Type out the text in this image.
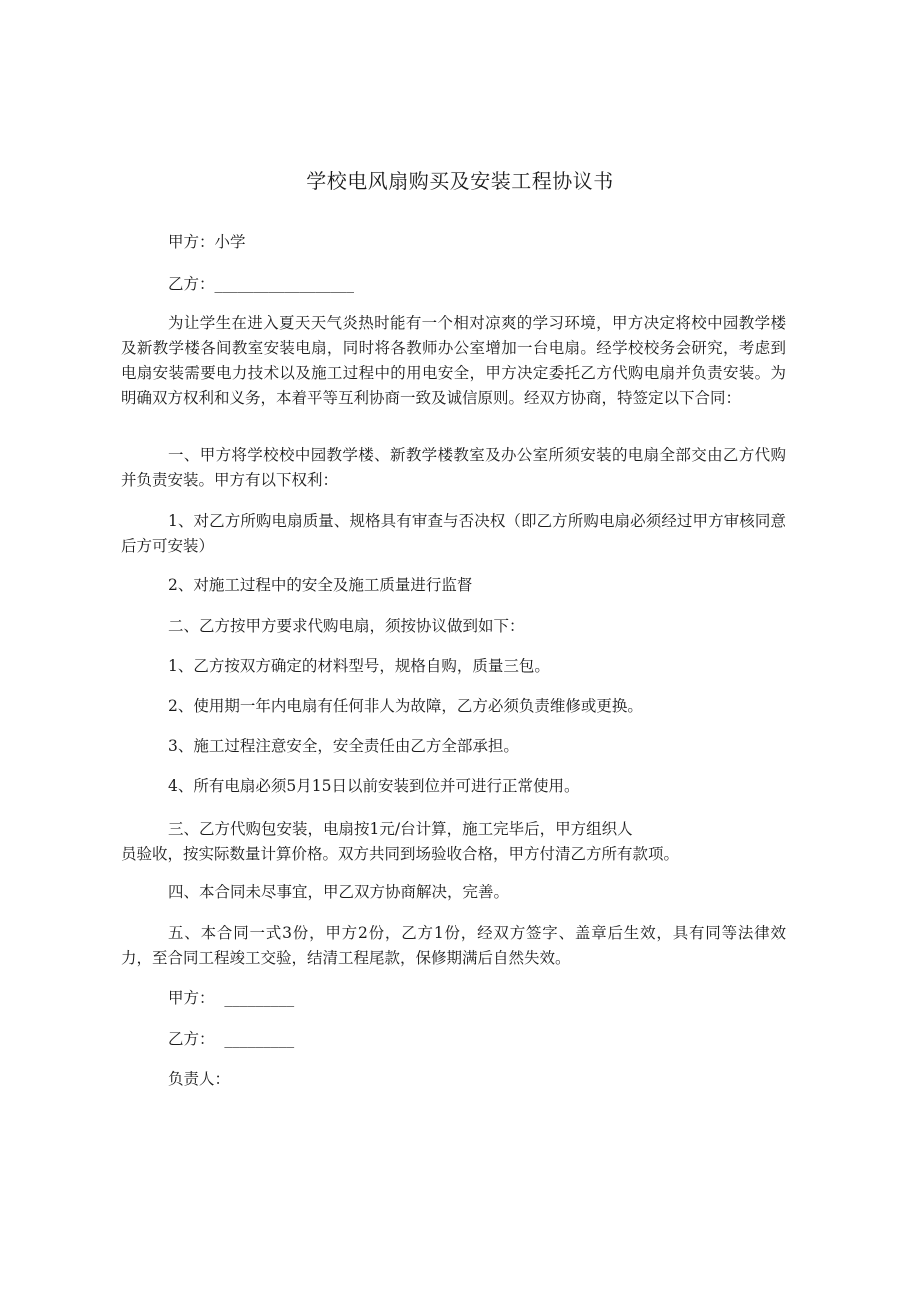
学校电风扇购买及安装工程协议书
甲方：小学
乙方：__________________

为让学生在进入夏天天气炎热时能有一个相对凉爽的学习环境，甲方决定将校中园教学楼及新教学楼各间教室安装电扇，同时将各教师办公室增加一台电扇。经学校校务会研究，考虑到电扇安装需要电力技术以及施工过程中的用电安全，甲方决定委托乙方代购电扇并负责安装。为明确双方权利和义务，本着平等互利协商一致及诚信原则。经双方协商，特签定以下合同：

一、甲方将学校校中园教学楼、新教学楼教室及办公室所须安装的电扇全部交由乙方代购并负责安装。甲方有以下权利：

1、对乙方所购电扇质量、规格具有审查与否决权（即乙方所购电扇必须经过甲方审核同意后方可安装）

2、对施工过程中的安全及施工质量进行监督
二、乙方按甲方要求代购电扇，须按协议做到如下：
1、乙方按双方确定的材料型号，规格自购，质量三包。
2、使用期一年内电扇有任何非人为故障，乙方必须负责维修或更换。
3、施工过程注意安全，安全责任由乙方全部承担。
4、所有电扇必须5月15日以前安装到位并可进行正常使用。
三、乙方代购包安装，电扇按1元/台计算，施工完毕后，甲方组织人
员验收，按实际数量计算价格。双方共同到场验收合格，甲方付清乙方所有款项。
四、本合同未尽事宜，甲乙双方协商解决，完善。

五、本合同一式3份，甲方2份，乙方1份，经双方签字、盖章后生效，具有同等法律效力，至合同工程竣工交验，结清工程尾款，保修期满后自然失效。

甲方：  _________
乙方：  _________
负责人：
